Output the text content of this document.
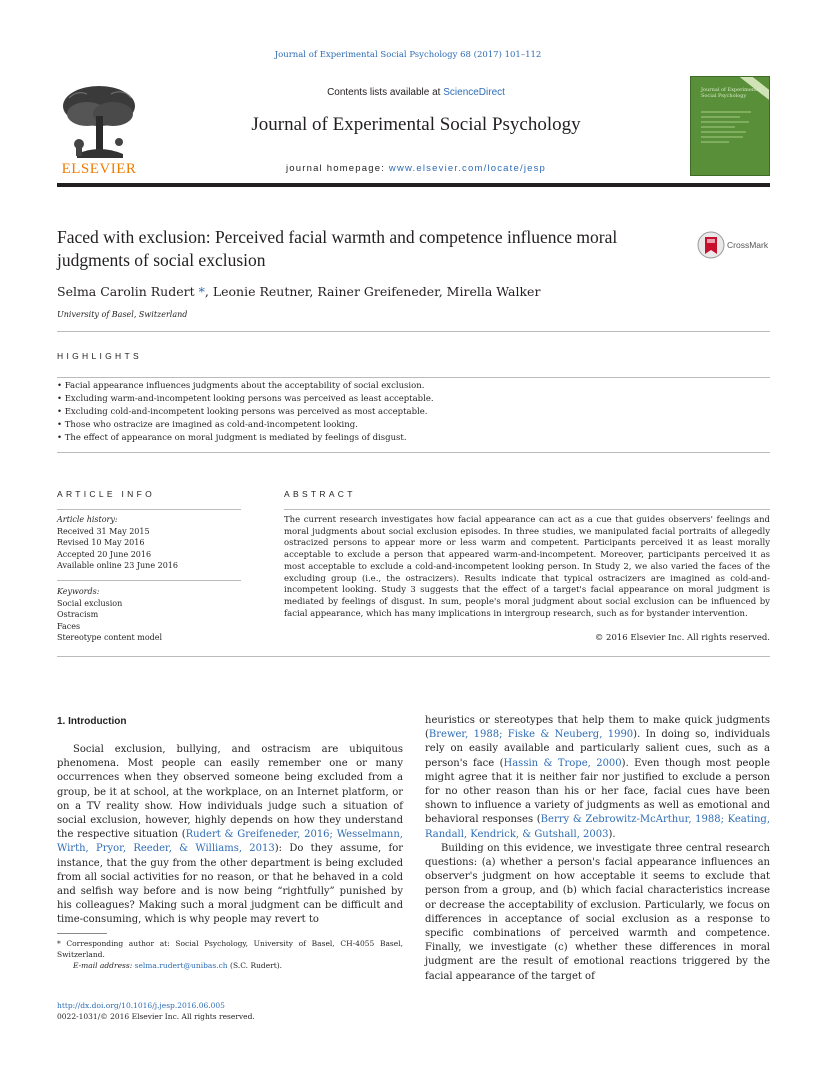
Journal of Experimental Social Psychology 68 (2017) 101–112
ELSEVIER
Contents lists available at ScienceDirect
Journal of Experimental Social Psychology
journal homepage: www.elsevier.com/locate/jesp
Journal of Experimental Social Psychology
Faced with exclusion: Perceived facial warmth and competence influence moral judgments of social exclusion
CrossMark
Selma Carolin Rudert *, Leonie Reutner, Rainer Greifeneder, Mirella Walker
University of Basel, Switzerland
HIGHLIGHTS
• Facial appearance influences judgments about the acceptability of social exclusion.
• Excluding warm-and-incompetent looking persons was perceived as least acceptable.
• Excluding cold-and-incompetent looking persons was perceived as most acceptable.
• Those who ostracize are imagined as cold-and-incompetent looking.
• The effect of appearance on moral judgment is mediated by feelings of disgust.
ARTICLE INFO
Article history:
Received 31 May 2015
Revised 10 May 2016
Accepted 20 June 2016
Available online 23 June 2016
Keywords:
Social exclusion
Ostracism
Faces
Stereotype content model
ABSTRACT
The current research investigates how facial appearance can act as a cue that guides observers' feelings and moral judgments about social exclusion episodes. In three studies, we manipulated facial portraits of allegedly ostracized persons to appear more or less warm and competent. Participants perceived it as least morally acceptable to exclude a person that appeared warm-and-incompetent. Moreover, participants perceived it as most acceptable to exclude a cold-and-incompetent looking person. In Study 2, we also varied the faces of the excluding group (i.e., the ostracizers). Results indicate that typical ostracizers are imagined as cold-and-incompetent looking. Study 3 suggests that the effect of a target's facial appearance on moral judgment is mediated by feelings of disgust. In sum, people's moral judgment about social exclusion can be influenced by facial appearance, which has many implications in intergroup research, such as for bystander intervention.
© 2016 Elsevier Inc. All rights reserved.
1. Introduction

Social exclusion, bullying, and ostracism are ubiquitous phenomena. Most people can easily remember one or many occurrences when they observed someone being excluded from a group, be it at school, at the workplace, on an Internet platform, or on a TV reality show. How individuals judge such a situation of social exclusion, however, highly depends on how they understand the respective situation (Rudert & Greifeneder, 2016; Wesselmann, Wirth, Pryor, Reeder, & Williams, 2013): Do they assume, for instance, that the guy from the other department is being excluded from all social activities for no reason, or that he behaved in a cold and selfish way before and is now being “rightfully” punished by his colleagues? Making such a moral judgment can be difficult and time-consuming, which is why people may revert to

heuristics or stereotypes that help them to make quick judgments (Brewer, 1988; Fiske & Neuberg, 1990). In doing so, individuals rely on easily available and particularly salient cues, such as a person's face (Hassin & Trope, 2000). Even though most people might agree that it is neither fair nor justified to exclude a person for no other reason than his or her face, facial cues have been shown to influence a variety of judgments as well as emotional and behavioral responses (Berry & Zebrowitz-McArthur, 1988; Keating, Randall, Kendrick, & Gutshall, 2003).

Building on this evidence, we investigate three central research questions: (a) whether a person's facial appearance influences an observer's judgment on how acceptable it seems to exclude that person from a group, and (b) which facial characteristics increase or decrease the acceptability of exclusion. Particularly, we focus on differences in acceptance of social exclusion as a response to specific combinations of perceived warmth and competence. Finally, we investigate (c) whether these differences in moral judgment are the result of emotional reactions triggered by the facial appearance of the target of

* Corresponding author at: Social Psychology, University of Basel, CH-4055 Basel, Switzerland.
E-mail address: selma.rudert@unibas.ch (S.C. Rudert).
http://dx.doi.org/10.1016/j.jesp.2016.06.005
0022-1031/© 2016 Elsevier Inc. All rights reserved.
